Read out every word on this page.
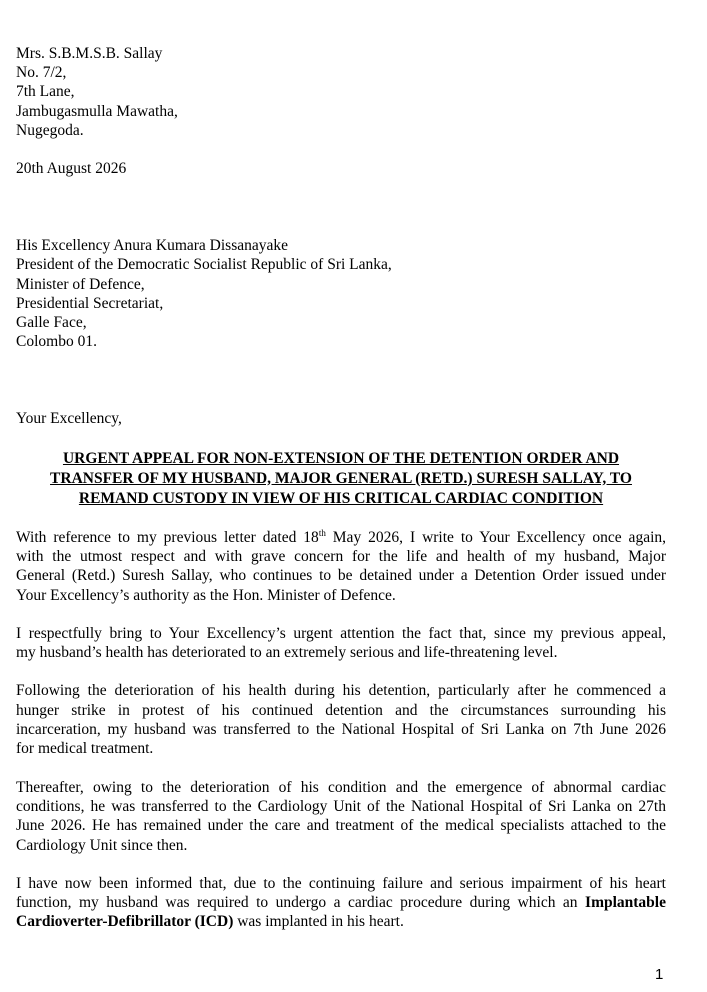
Mrs. S.B.M.S.B. Sallay
No. 7/2,
7th Lane,
Jambugasmulla Mawatha,
Nugegoda.
20th August 2026
His Excellency Anura Kumara Dissanayake
President of the Democratic Socialist Republic of Sri Lanka,
Minister of Defence,
Presidential Secretariat,
Galle Face,
Colombo 01.
Your Excellency,
URGENT APPEAL FOR NON-EXTENSION OF THE DETENTION ORDER AND
TRANSFER OF MY HUSBAND, MAJOR GENERAL (RETD.) SURESH SALLAY, TO
REMAND CUSTODY IN VIEW OF HIS CRITICAL CARDIAC CONDITION
With reference to my previous letter dated 18th May 2026, I write to Your Excellency once again,
with the utmost respect and with grave concern for the life and health of my husband, Major
General (Retd.) Suresh Sallay, who continues to be detained under a Detention Order issued under
Your Excellency’s authority as the Hon. Minister of Defence.
I respectfully bring to Your Excellency’s urgent attention the fact that, since my previous appeal,
my husband’s health has deteriorated to an extremely serious and life-threatening level.
Following the deterioration of his health during his detention, particularly after he commenced a
hunger strike in protest of his continued detention and the circumstances surrounding his
incarceration, my husband was transferred to the National Hospital of Sri Lanka on 7th June 2026
for medical treatment.
Thereafter, owing to the deterioration of his condition and the emergence of abnormal cardiac
conditions, he was transferred to the Cardiology Unit of the National Hospital of Sri Lanka on 27th
June 2026. He has remained under the care and treatment of the medical specialists attached to the
Cardiology Unit since then.
I have now been informed that, due to the continuing failure and serious impairment of his heart
function, my husband was required to undergo a cardiac procedure during which an Implantable
Cardioverter-Defibrillator (ICD) was implanted in his heart.
1
